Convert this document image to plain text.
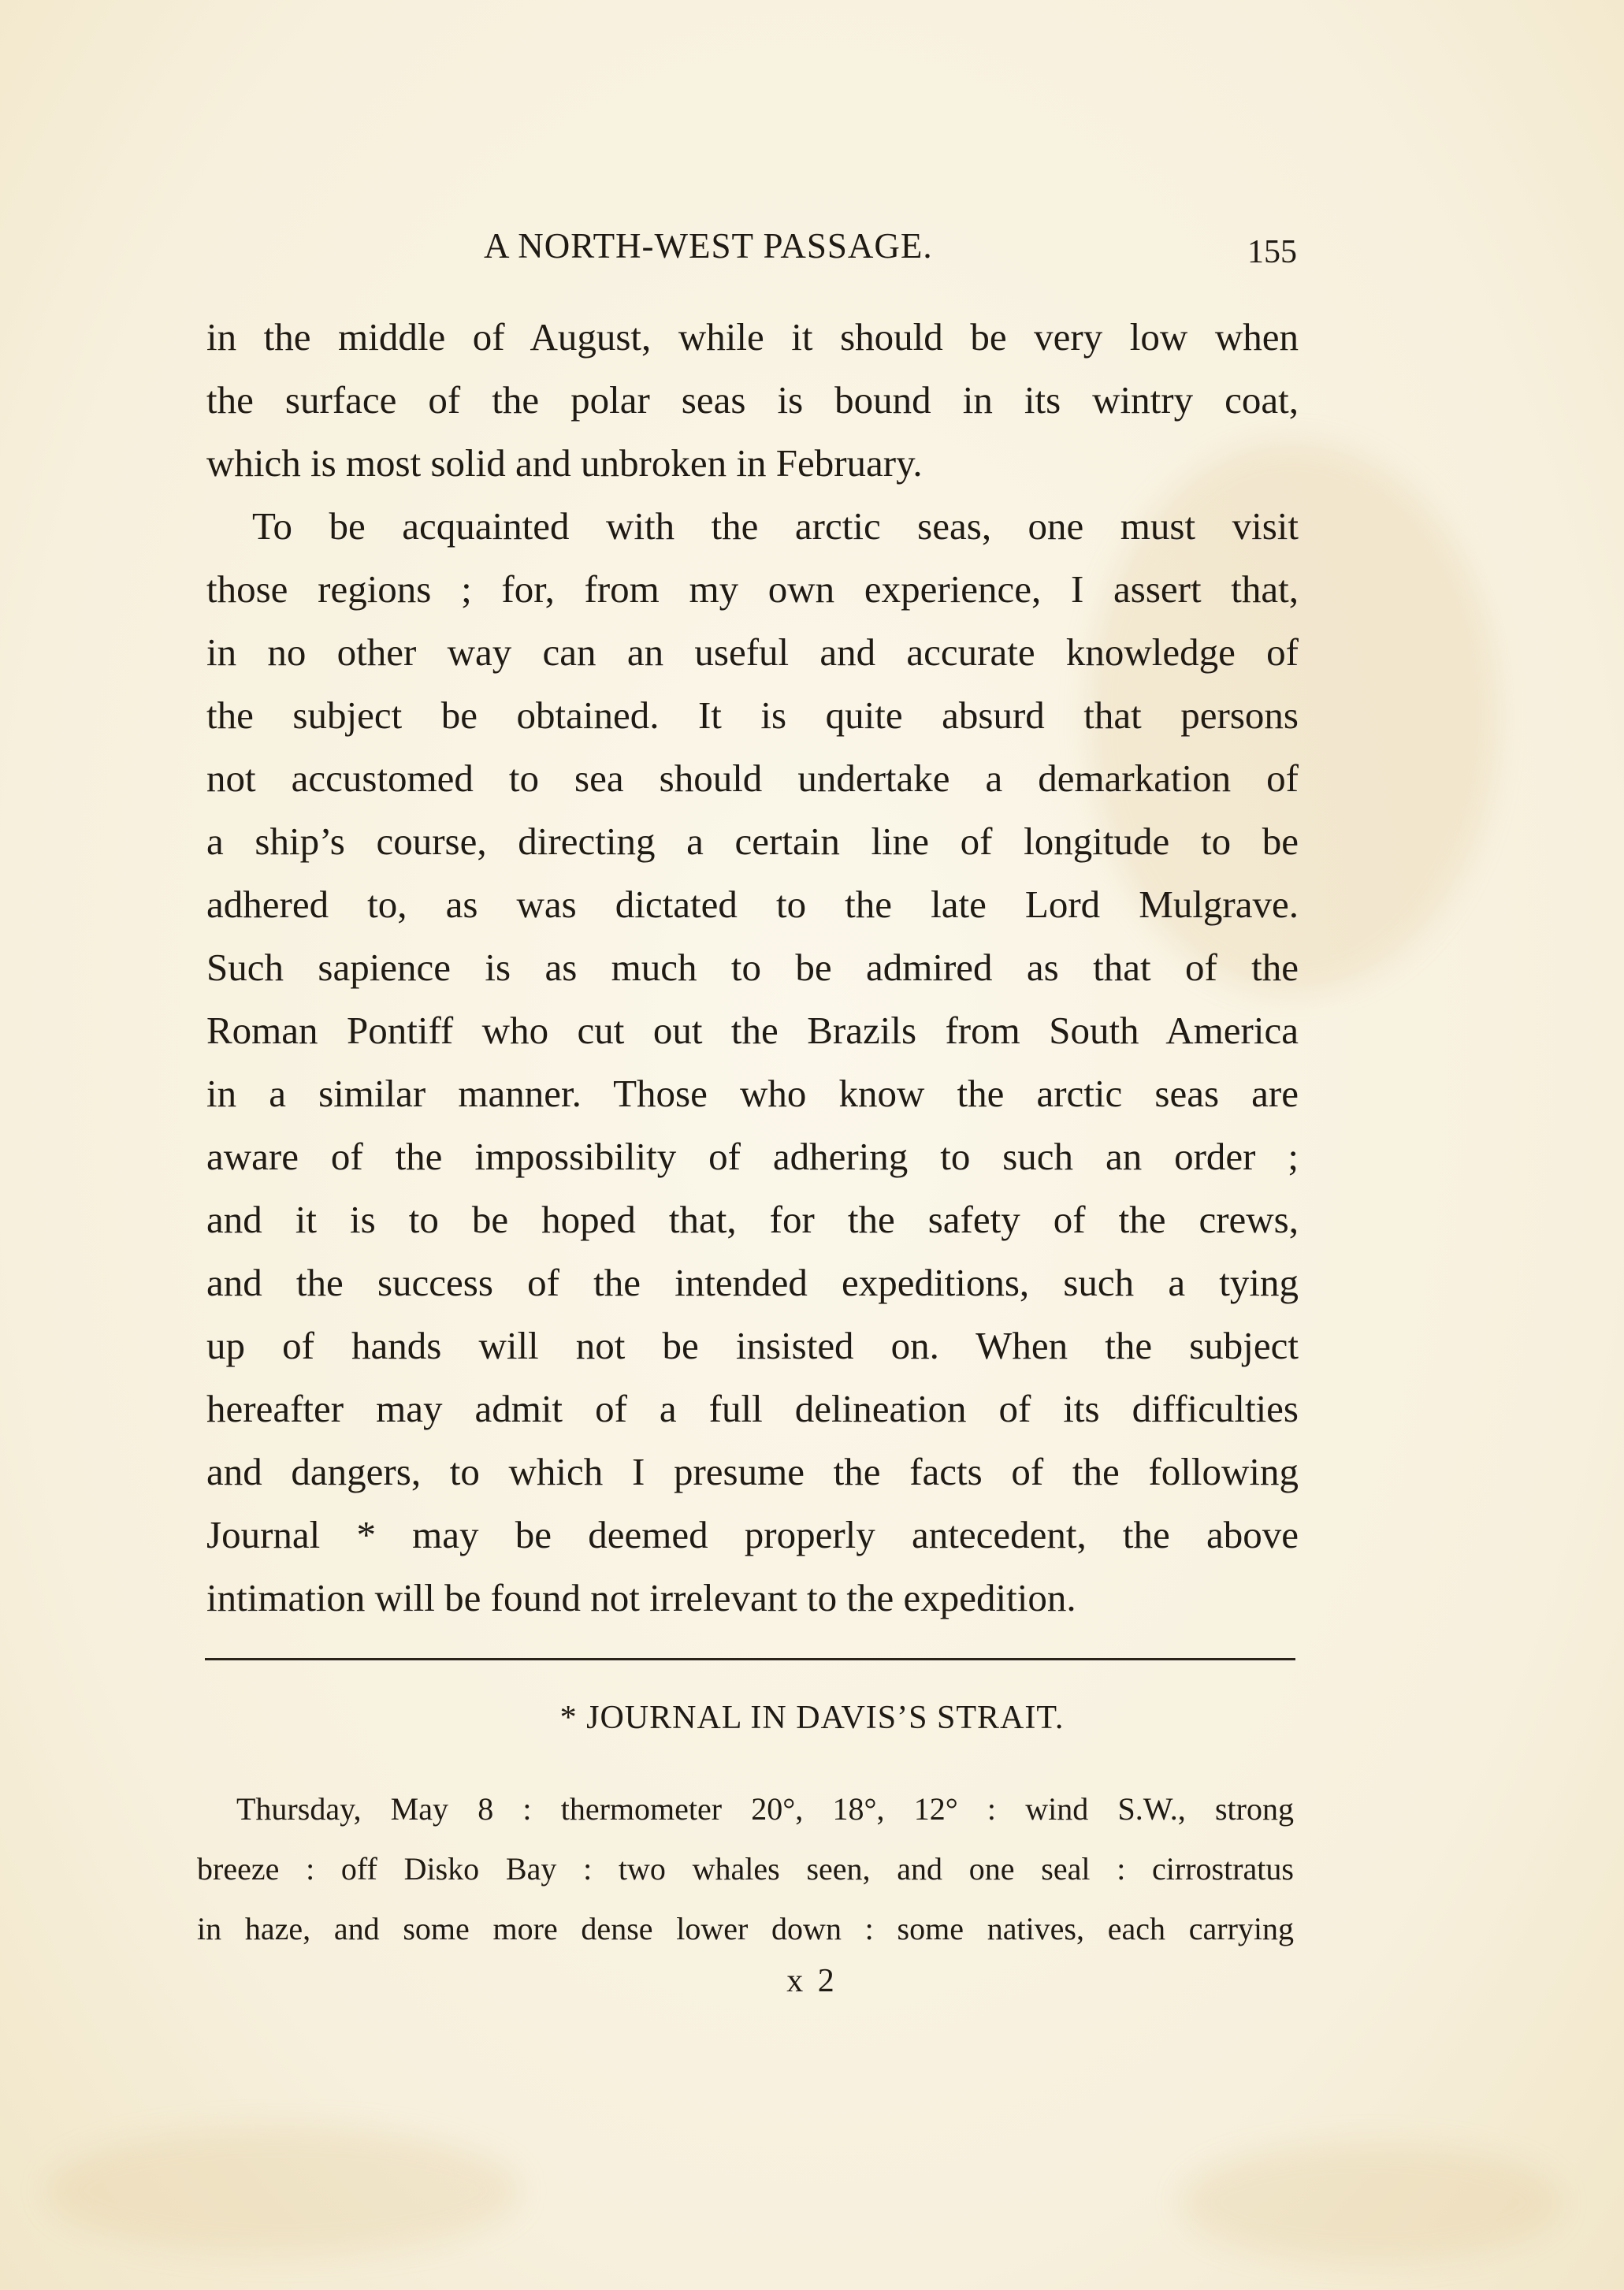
A NORTH-WEST PASSAGE.	155
in the middle of August, while it should be very low when
the surface of the polar seas is bound in its wintry coat,
which is most solid and unbroken in February.
To be acquainted with the arctic seas, one must visit
those regions ; for, from my own experience, I assert that,
in no other way can an useful and accurate knowledge of
the subject be obtained. It is quite absurd that persons
not accustomed to sea should undertake a demarkation of
a ship’s course, directing a certain line of longitude to be
adhered to, as was dictated to the late Lord Mulgrave.
Such sapience is as much to be admired as that of the
Roman Pontiff who cut out the Brazils from South America
in a similar manner. Those who know the arctic seas are
aware of the impossibility of adhering to such an order ;
and it is to be hoped that, for the safety of the crews,
and the success of the intended expeditions, such a tying
up of hands will not be insisted on. When the subject
hereafter may admit of a full delineation of its difficulties
and dangers, to which I presume the facts of the following
Journal * may be deemed properly antecedent, the above
intimation will be found not irrelevant to the expedition.
* JOURNAL IN DAVIS’S STRAIT.
Thursday, May 8 : thermometer 20°, 18°, 12° : wind S.W., strong
breeze : off Disko Bay : two whales seen, and one seal : cirrostratus
in haze, and some more dense lower down : some natives, each carrying
x 2
